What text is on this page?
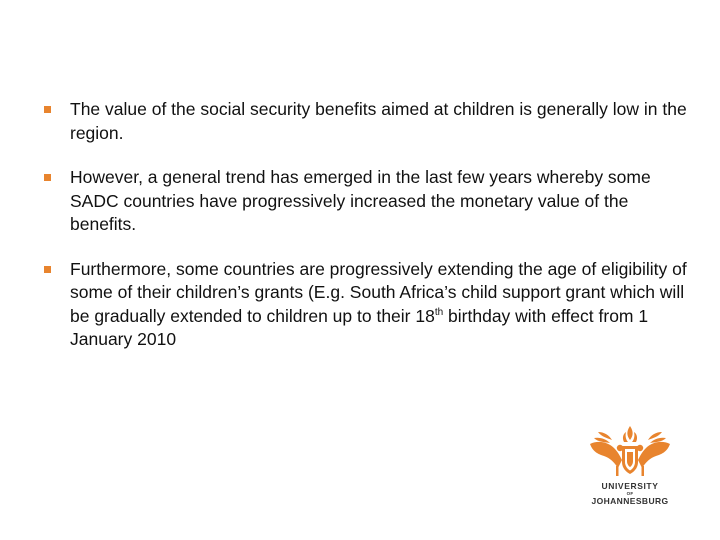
The value of the social security benefits aimed at children is generally low in the region.
However, a general trend has emerged in the last few years whereby some SADC countries have progressively increased the monetary value of the benefits.
Furthermore, some countries are progressively extending the age of eligibility of some of their children’s grants (E.g. South Africa’s child support grant which will be gradually extended to children up to their 18th birthday with effect from 1 January 2010
UNIVERSITY
OF
JOHANNESBURG
